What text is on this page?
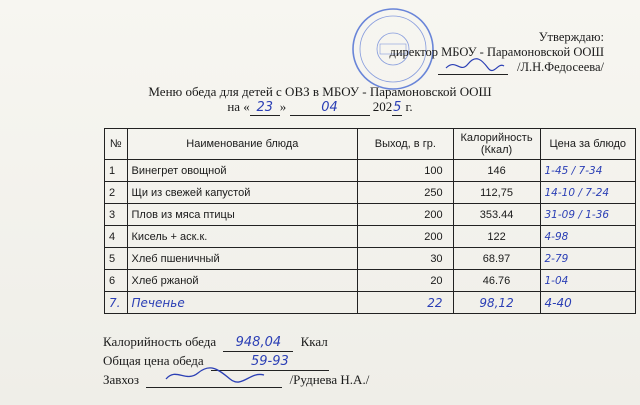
Утверждаю:
директор МБОУ - Парамоновской ООШ
/Л.Н.Федосеева/
Меню обеда для детей с ОВЗ в МБОУ - Парамоновской ООШ
на « 23 »	04	2025 г.
№	Наименование блюда	Выход, в гр.	Калорийность (Ккал)	Цена за блюдо
1	Винегрет овощной	100	146	1-45 / 7-34
2	Щи из свежей капустой	250	112,75	14-10 / 7-24
3	Плов из мяса птицы	200	353.44	31-09 / 1-36
4	Кисель + аск.к.	200	122	4-98
5	Хлеб пшеничный	30	68.97	2-79
6	Хлеб ржаной	20	46.76	1-04
7.	Печенье	22	98,12	4-40
Калорийность обеда 948,04 Ккал
Общая цена обеда	59-93
Завхоз	/Руднева Н.А./
